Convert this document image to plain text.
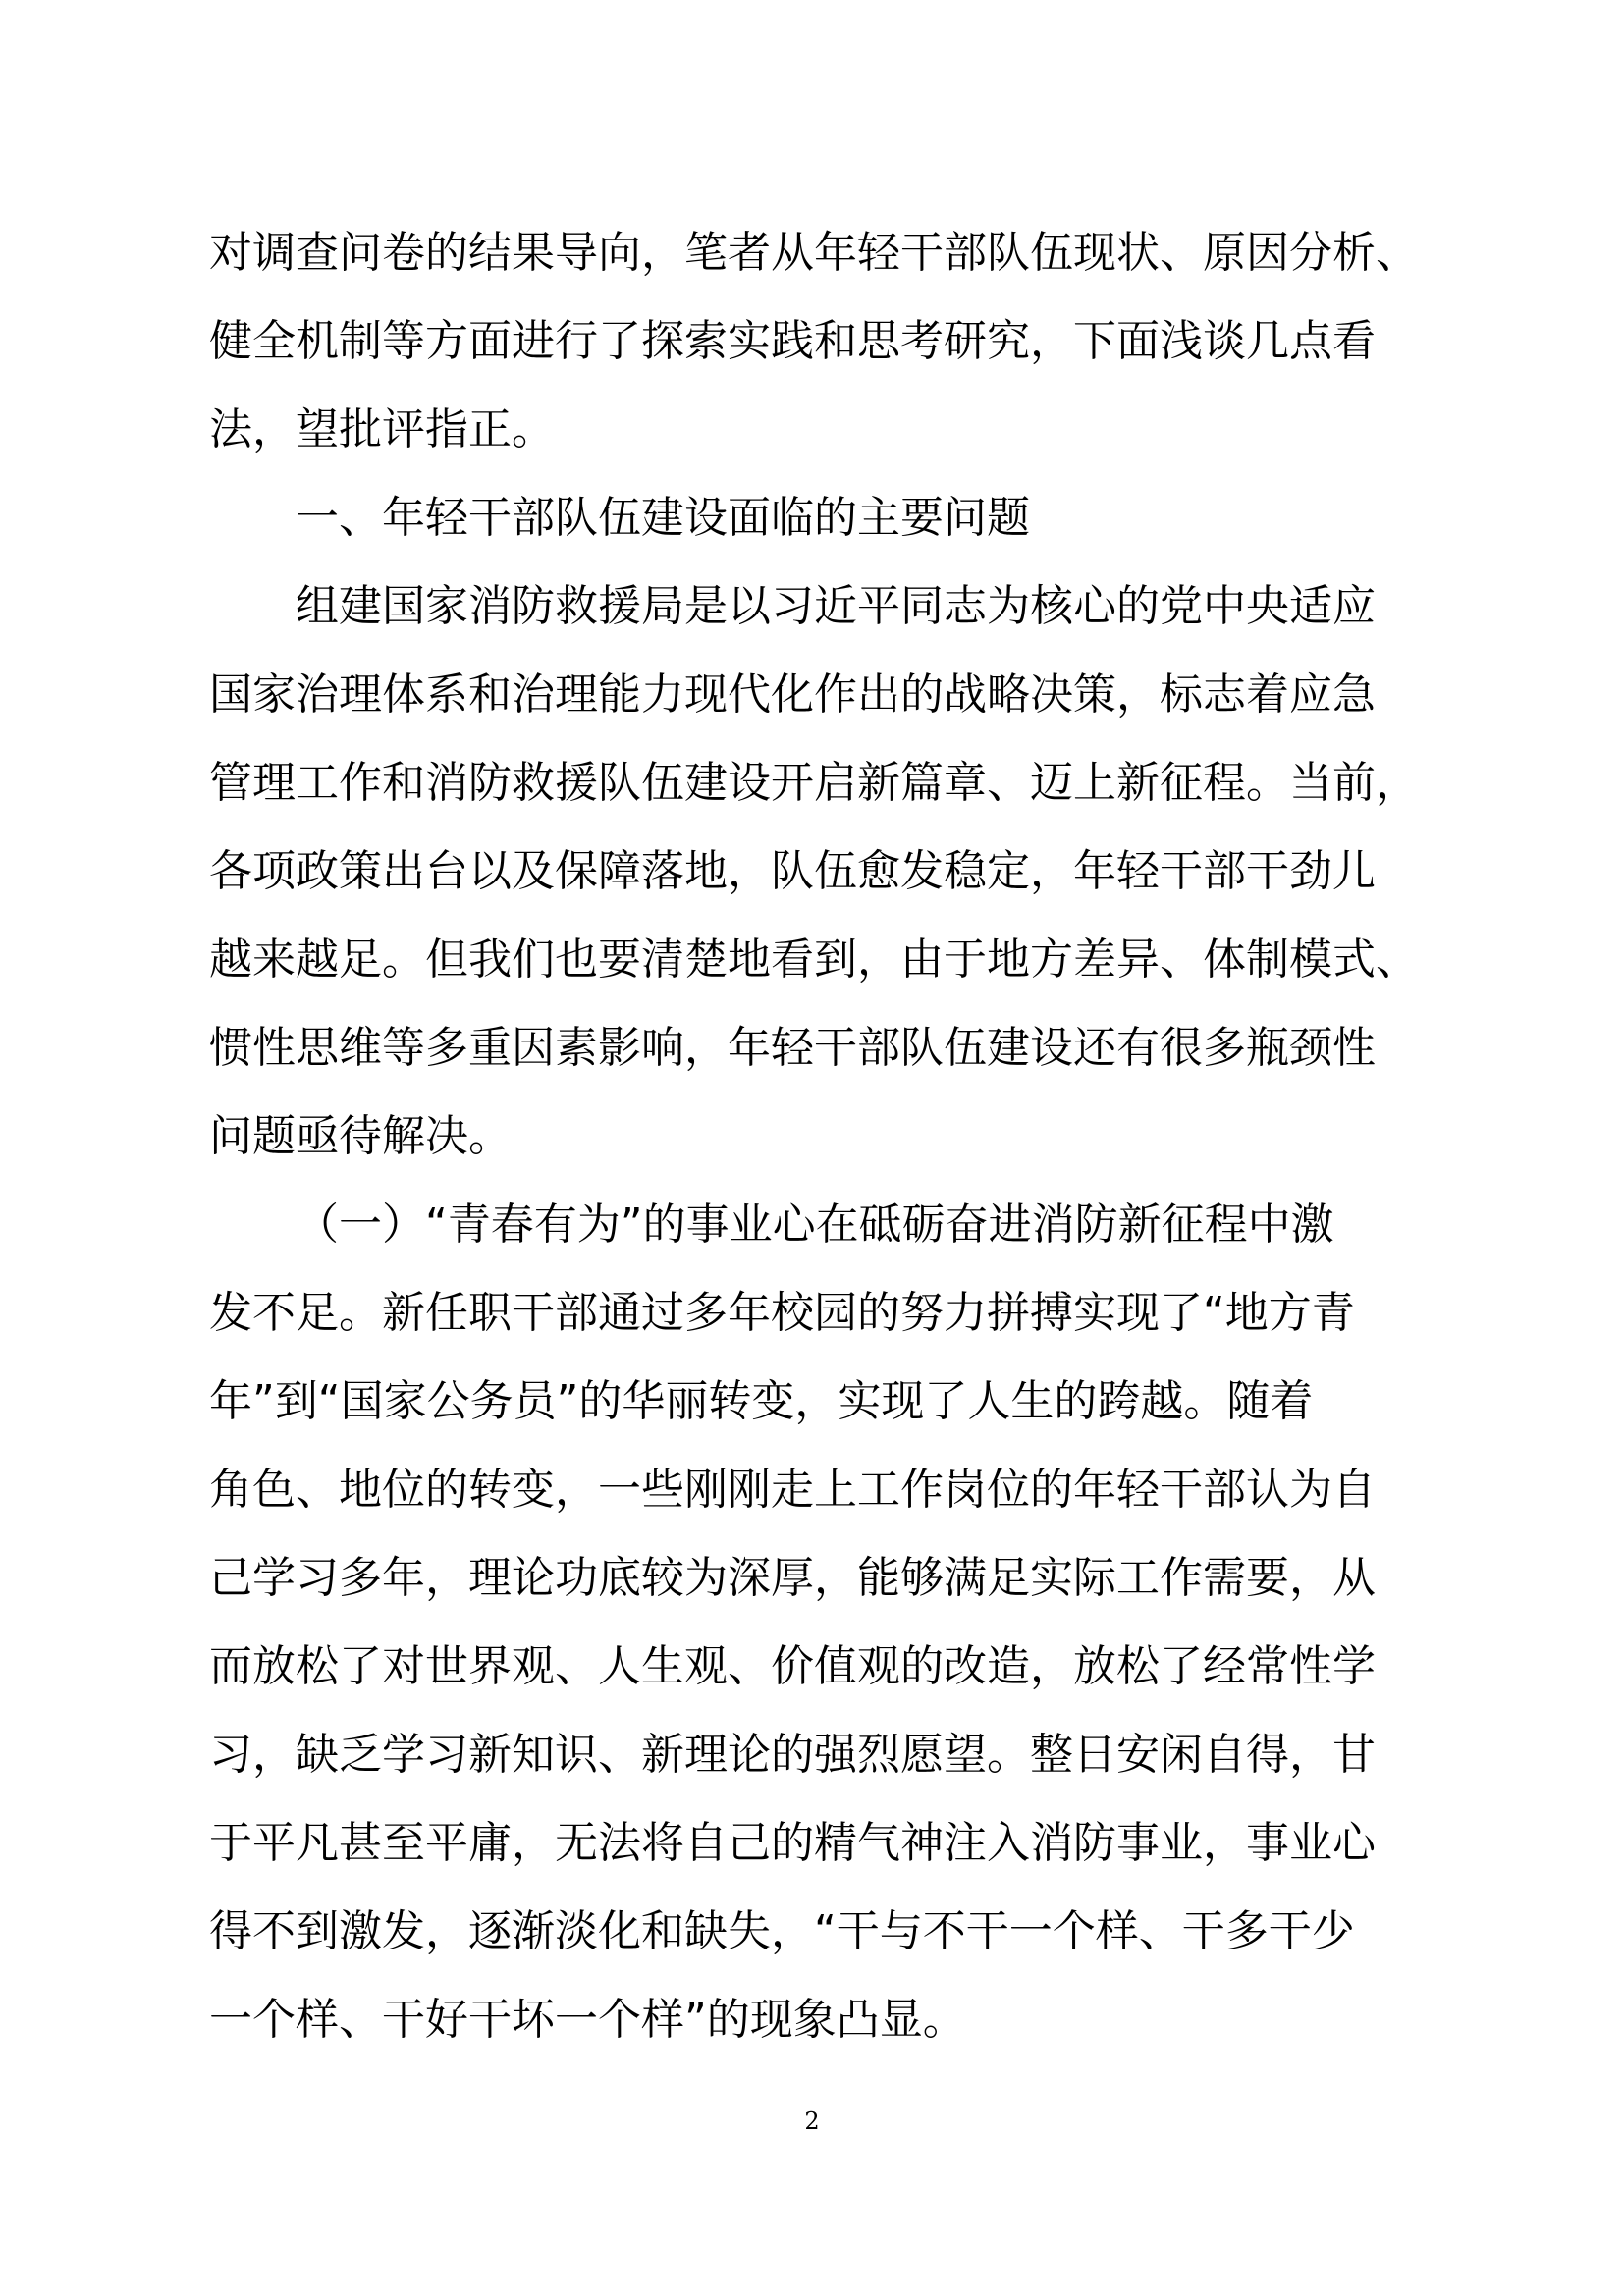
对调查问卷的结果导向，笔者从年轻干部队伍现状、原因分析、
健全机制等方面进行了探索实践和思考研究，下面浅谈几点看
法，望批评指正。
一、年轻干部队伍建设面临的主要问题
组建国家消防救援局是以习近平同志为核心的党中央适应
国家治理体系和治理能力现代化作出的战略决策，标志着应急
管理工作和消防救援队伍建设开启新篇章、迈上新征程。当前，
各项政策出台以及保障落地，队伍愈发稳定，年轻干部干劲儿
越来越足。但我们也要清楚地看到，由于地方差异、体制模式、
惯性思维等多重因素影响，年轻干部队伍建设还有很多瓶颈性
问题亟待解决。
（一）“青春有为”的事业心在砥砺奋进消防新征程中激
发不足。新任职干部通过多年校园的努力拼搏实现了“地方青
年”到“国家公务员”的华丽转变，实现了人生的跨越。随着
角色、地位的转变，一些刚刚走上工作岗位的年轻干部认为自
己学习多年，理论功底较为深厚，能够满足实际工作需要，从
而放松了对世界观、人生观、价值观的改造，放松了经常性学
习，缺乏学习新知识、新理论的强烈愿望。整日安闲自得，甘
于平凡甚至平庸，无法将自己的精气神注入消防事业，事业心
得不到激发，逐渐淡化和缺失，“干与不干一个样、干多干少
一个样、干好干坏一个样”的现象凸显。
2
